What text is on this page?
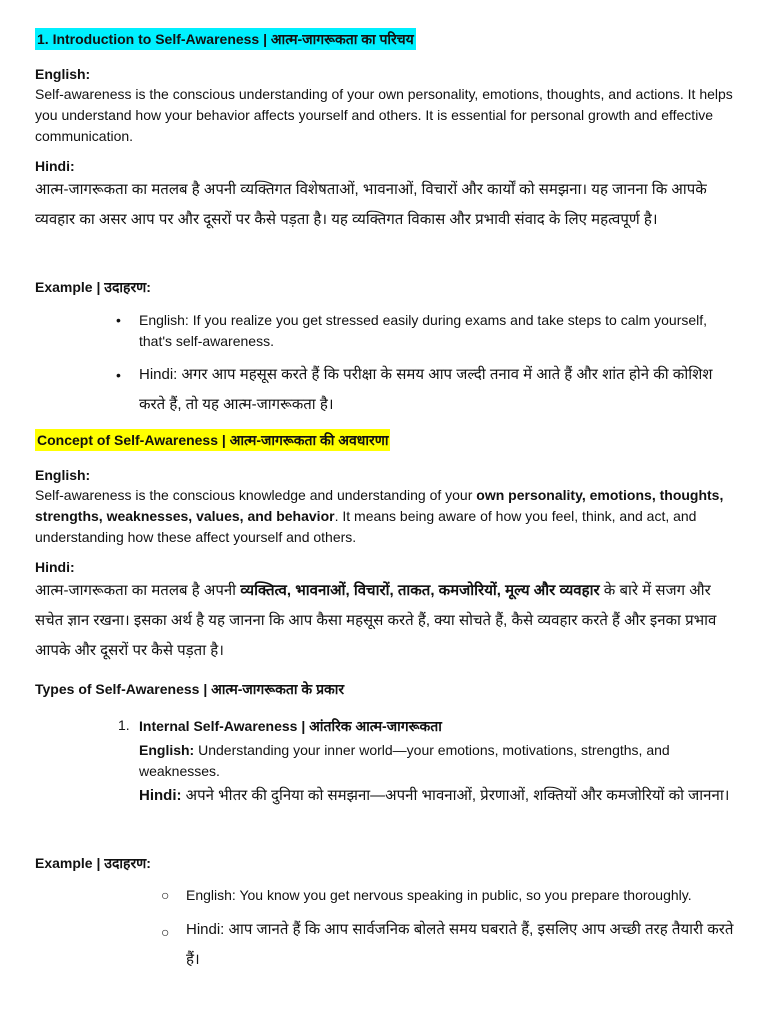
1. Introduction to Self-Awareness | आत्म-जागरूकता का परिचय
English:
Self-awareness is the conscious understanding of your own personality, emotions, thoughts, and actions. It helps you understand how your behavior affects yourself and others. It is essential for personal growth and effective communication.
Hindi:
आत्म-जागरूकता का मतलब है अपनी व्यक्तिगत विशेषताओं, भावनाओं, विचारों और कार्यों को समझना। यह जानना कि आपके व्यवहार का असर आप पर और दूसरों पर कैसे पड़ता है। यह व्यक्तिगत विकास और प्रभावी संवाद के लिए महत्वपूर्ण है।
Example | उदाहरण:
• English: If you realize you get stressed easily during exams and take steps to calm yourself, that's self-awareness.
• Hindi: अगर आप महसूस करते हैं कि परीक्षा के समय आप जल्दी तनाव में आते हैं और शांत होने की कोशिश करते हैं, तो यह आत्म-जागरूकता है।
Concept of Self-Awareness | आत्म-जागरूकता की अवधारणा
English:
Self-awareness is the conscious knowledge and understanding of your own personality, emotions, thoughts, strengths, weaknesses, values, and behavior. It means being aware of how you feel, think, and act, and understanding how these affect yourself and others.
Hindi:
आत्म-जागरूकता का मतलब है अपनी व्यक्तित्व, भावनाओं, विचारों, ताकत, कमजोरियों, मूल्य और व्यवहार के बारे में सजग और सचेत ज्ञान रखना। इसका अर्थ है यह जानना कि आप कैसा महसूस करते हैं, क्या सोचते हैं, कैसे व्यवहार करते हैं और इनका प्रभाव आपके और दूसरों पर कैसे पड़ता है।
Types of Self-Awareness | आत्म-जागरूकता के प्रकार
1. Internal Self-Awareness | आंतरिक आत्म-जागरूकता
English: Understanding your inner world—your emotions, motivations, strengths, and weaknesses.
Hindi: अपने भीतर की दुनिया को समझना—अपनी भावनाओं, प्रेरणाओं, शक्तियों और कमजोरियों को जानना।
Example | उदाहरण:
○ English: You know you get nervous speaking in public, so you prepare thoroughly.
○ Hindi: आप जानते हैं कि आप सार्वजनिक बोलते समय घबराते हैं, इसलिए आप अच्छी तरह तैयारी करते हैं।
